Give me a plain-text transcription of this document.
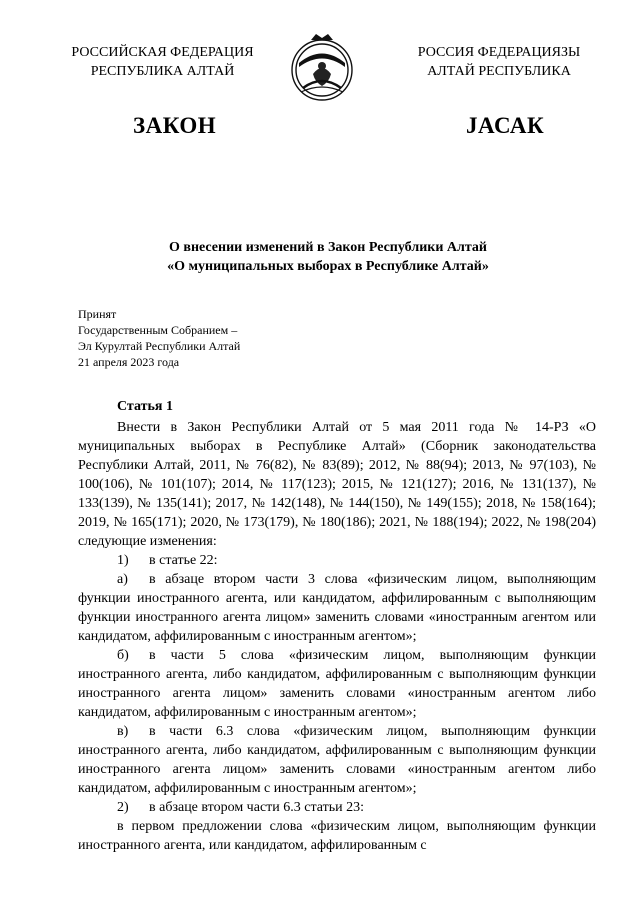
РОССИЙСКАЯ ФЕДЕРАЦИЯ
РЕСПУБЛИКА АЛТАЙ
РОССИЯ ФЕДЕРАЦИЯЗЫ
АЛТАЙ РЕСПУБЛИКА
ЗАКОН	ЈАСАК
О внесении изменений в Закон Республики Алтай
«О муниципальных выборах в Республике Алтай»
Принят
Государственным Собранием –
Эл Курултай Республики Алтай
21 апреля 2023 года
Статья 1

Внести в Закон Республики Алтай от 5 мая 2011 года № 14-РЗ «О муниципальных выборах в Республике Алтай» (Сборник законодательства Республики Алтай, 2011, № 76(82), № 83(89); 2012, № 88(94); 2013, № 97(103), № 100(106), № 101(107); 2014, № 117(123); 2015, № 121(127); 2016, № 131(137), № 133(139), № 135(141); 2017, № 142(148), № 144(150), № 149(155); 2018, № 158(164); 2019, № 165(171); 2020, № 173(179), № 180(186); 2021, № 188(194); 2022, № 198(204) следующие изменения:

1) в статье 22:

а) в абзаце втором части 3 слова «физическим лицом, выполняющим функции иностранного агента, или кандидатом, аффилированным с выполняющим функции иностранного агента лицом» заменить словами «иностранным агентом или кандидатом, аффилированным с иностранным агентом»;

б) в части 5 слова «физическим лицом, выполняющим функции иностранного агента, либо кандидатом, аффилированным с выполняющим функции иностранного агента лицом» заменить словами «иностранным агентом либо кандидатом, аффилированным с иностранным агентом»;

в) в части 6.3 слова «физическим лицом, выполняющим функции иностранного агента, либо кандидатом, аффилированным с выполняющим функции иностранного агента лицом» заменить словами «иностранным агентом либо кандидатом, аффилированным с иностранным агентом»;

2) в абзаце втором части 6.3 статьи 23:

в первом предложении слова «физическим лицом, выполняющим функции иностранного агента, или кандидатом, аффилированным с
